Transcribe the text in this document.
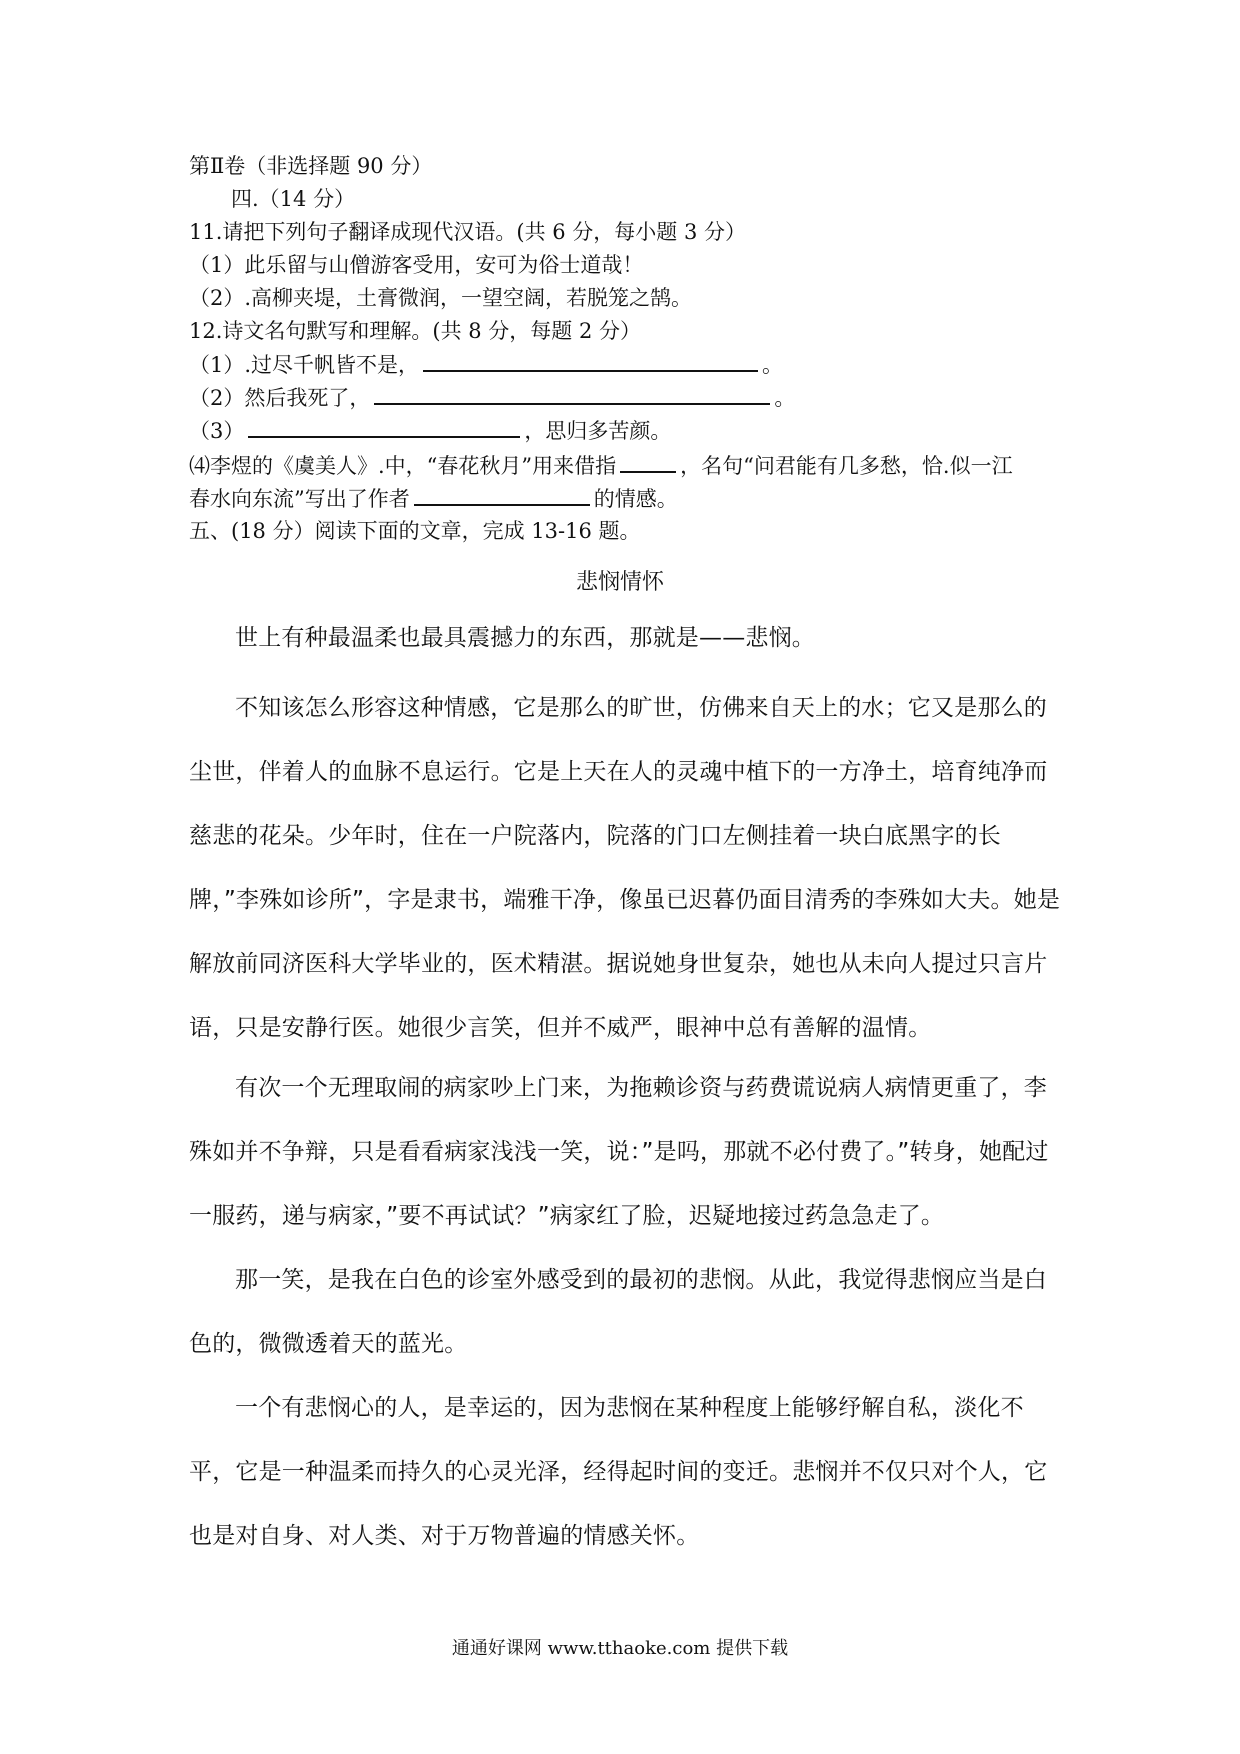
第Ⅱ卷（非选择题 90 分）
四.（14 分）
11.请把下列句子翻译成现代汉语。(共 6 分，每小题 3 分）
（1）此乐留与山僧游客受用，安可为俗士道哉！
（2）.高柳夹堤，土膏微润，一望空阔，若脱笼之鹄。
12.诗文名句默写和理解。(共 8 分，每题 2 分）
（1）.过尽千帆皆不是，	。
（2）然后我死了，	。
（3）	，思归多苦颜。
⑷李煜的《虞美人》.中，“春花秋月”用来借指	，名句“问君能有几多愁，恰.似一江
春水向东流”写出了作者	的情感。
五、(18 分）阅读下面的文章，完成 13-16 题。
悲悯情怀
世上有种最温柔也最具震撼力的东西，那就是——悲悯。
不知该怎么形容这种情感，它是那么的旷世，仿佛来自天上的水；它又是那么的尘世，伴着人的血脉不息运行。它是上天在人的灵魂中植下的一方净土，培育纯净而慈悲的花朵。少年时，住在一户院落内，院落的门口左侧挂着一块白底黑字的长牌，”李殊如诊所”，字是隶书，端雅干净，像虽已迟暮仍面目清秀的李殊如大夫。她是解放前同济医科大学毕业的，医术精湛。据说她身世复杂，她也从未向人提过只言片语，只是安静行医。她很少言笑，但并不威严，眼神中总有善解的温情。
有次一个无理取闹的病家吵上门来，为拖赖诊资与药费谎说病人病情更重了，李殊如并不争辩，只是看看病家浅浅一笑，说：”是吗，那就不必付费了。”转身，她配过一服药，递与病家，”要不再试试？”病家红了脸，迟疑地接过药急急走了。
那一笑，是我在白色的诊室外感受到的最初的悲悯。从此，我觉得悲悯应当是白色的，微微透着天的蓝光。
一个有悲悯心的人，是幸运的，因为悲悯在某种程度上能够纾解自私，淡化不平，它是一种温柔而持久的心灵光泽，经得起时间的变迁。悲悯并不仅只对个人，它也是对自身、对人类、对于万物普遍的情感关怀。
通通好课网 www.tthaoke.com 提供下载
